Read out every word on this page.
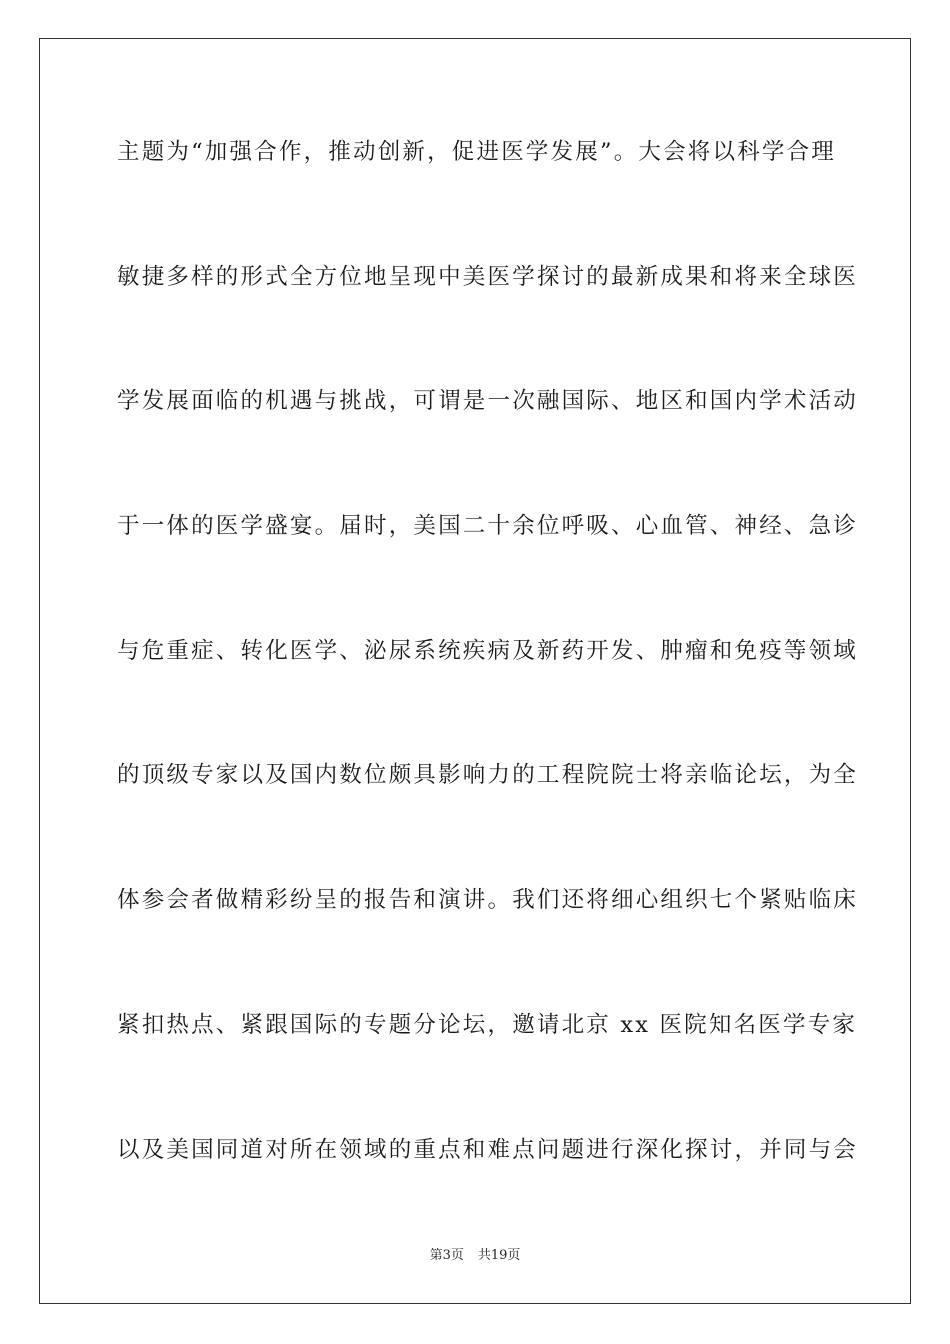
主题为“加强合作，推动创新，促进医学发展”。大会将以科学合理
敏捷多样的形式全方位地呈现中美医学探讨的最新成果和将来全球医
学发展面临的机遇与挑战，可谓是一次融国际、地区和国内学术活动
于一体的医学盛宴。届时，美国二十余位呼吸、心血管、神经、急诊
与危重症、转化医学、泌尿系统疾病及新药开发、肿瘤和免疫等领域
的顶级专家以及国内数位颇具影响力的工程院院士将亲临论坛，为全
体参会者做精彩纷呈的报告和演讲。我们还将细心组织七个紧贴临床
紧扣热点、紧跟国际的专题分论坛，邀请北京 xx 医院知名医学专家
以及美国同道对所在领域的重点和难点问题进行深化探讨，并同与会
第3页 共19页
